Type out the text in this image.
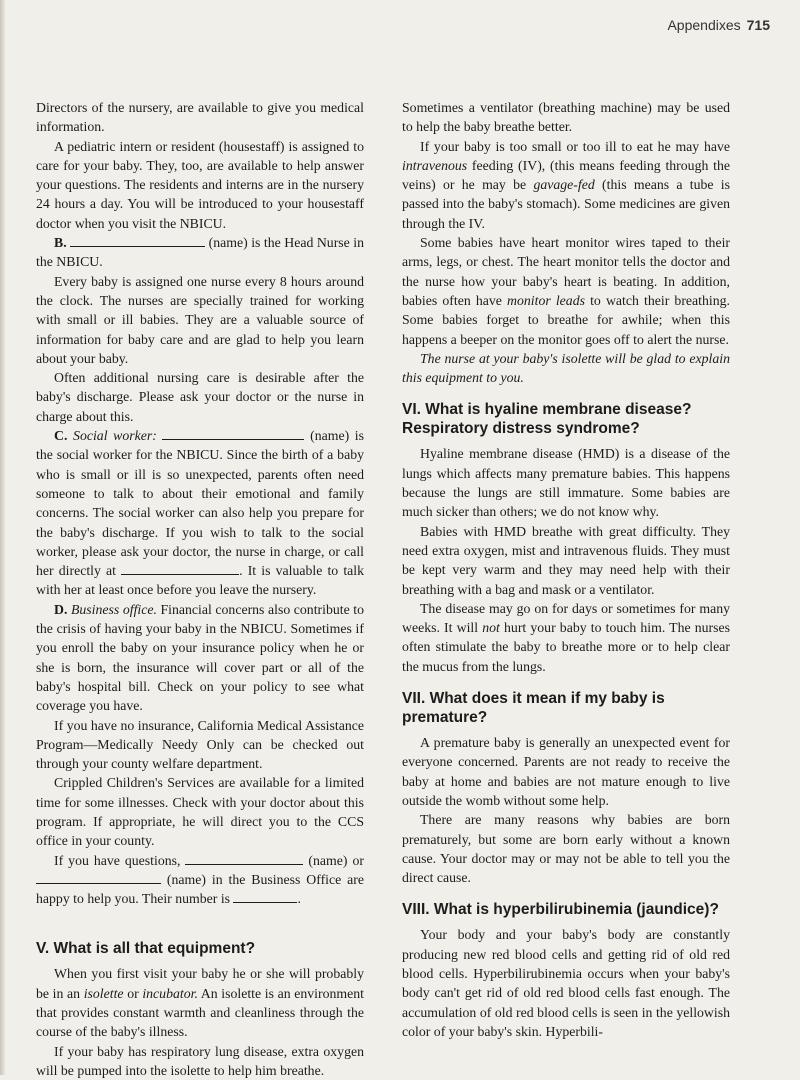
Appendixes 715

Directors of the nursery, are available to give you medical information.

A pediatric intern or resident (housestaff) is assigned to care for your baby. They, too, are available to help answer your questions. The residents and interns are in the nursery 24 hours a day. You will be introduced to your housestaff doctor when you visit the NBICU.

B.	(name) is the Head Nurse in the NBICU.

Every baby is assigned one nurse every 8 hours around the clock. The nurses are specially trained for working with small or ill babies. They are a valuable source of information for baby care and are glad to help you learn about your baby.

Often additional nursing care is desirable after the baby's discharge. Please ask your doctor or the nurse in charge about this.

C. Social worker:	(name) is the social worker for the NBICU. Since the birth of a baby who is small or ill is so unexpected, parents often need someone to talk to about their emotional and family concerns. The social worker can also help you prepare for the baby's discharge. If you wish to talk to the social worker, please ask your doctor, the nurse in charge, or call her directly at	. It is valuable to talk with her at least once before you leave the nursery.

D. Business office. Financial concerns also contribute to the crisis of having your baby in the NBICU. Sometimes if you enroll the baby on your insurance policy when he or she is born, the insurance will cover part or all of the baby's hospital bill. Check on your policy to see what coverage you have.

If you have no insurance, California Medical Assistance Program—Medically Needy Only can be checked out through your county welfare department.

Crippled Children's Services are available for a limited time for some illnesses. Check with your doctor about this program. If appropriate, he will direct you to the CCS office in your county.

If you have questions,	(name) or  (name) in the Business Office are happy to help you. Their number is	.

V. What is all that equipment?

When you first visit your baby he or she will probably be in an isolette or incubator. An isolette is an environment that provides constant warmth and cleanliness through the course of the baby's illness.

If your baby has respiratory lung disease, extra oxygen will be pumped into the isolette to help him breathe.

Sometimes a ventilator (breathing machine) may be used to help the baby breathe better.

If your baby is too small or too ill to eat he may have intravenous feeding (IV), (this means feeding through the veins) or he may be gavage-fed (this means a tube is passed into the baby's stomach). Some medicines are given through the IV.

Some babies have heart monitor wires taped to their arms, legs, or chest. The heart monitor tells the doctor and the nurse how your baby's heart is beating. In addition, babies often have monitor leads to watch their breathing. Some babies forget to breathe for awhile; when this happens a beeper on the monitor goes off to alert the nurse.

The nurse at your baby's isolette will be glad to explain this equipment to you.

VI. What is hyaline membrane disease? Respiratory distress syndrome?

Hyaline membrane disease (HMD) is a disease of the lungs which affects many premature babies. This happens because the lungs are still immature. Some babies are much sicker than others; we do not know why.

Babies with HMD breathe with great difficulty. They need extra oxygen, mist and intravenous fluids. They must be kept very warm and they may need help with their breathing with a bag and mask or a ventilator.

The disease may go on for days or sometimes for many weeks. It will not hurt your baby to touch him. The nurses often stimulate the baby to breathe more or to help clear the mucus from the lungs.

VII. What does it mean if my baby is premature?

A premature baby is generally an unexpected event for everyone concerned. Parents are not ready to receive the baby at home and babies are not mature enough to live outside the womb without some help.

There are many reasons why babies are born prematurely, but some are born early without a known cause. Your doctor may or may not be able to tell you the direct cause.

VIII. What is hyperbilirubinemia (jaundice)?

Your body and your baby's body are constantly producing new red blood cells and getting rid of old red blood cells. Hyperbilirubinemia occurs when your baby's body can't get rid of old red blood cells fast enough. The accumulation of old red blood cells is seen in the yellowish color of your baby's skin. Hyperbili-
